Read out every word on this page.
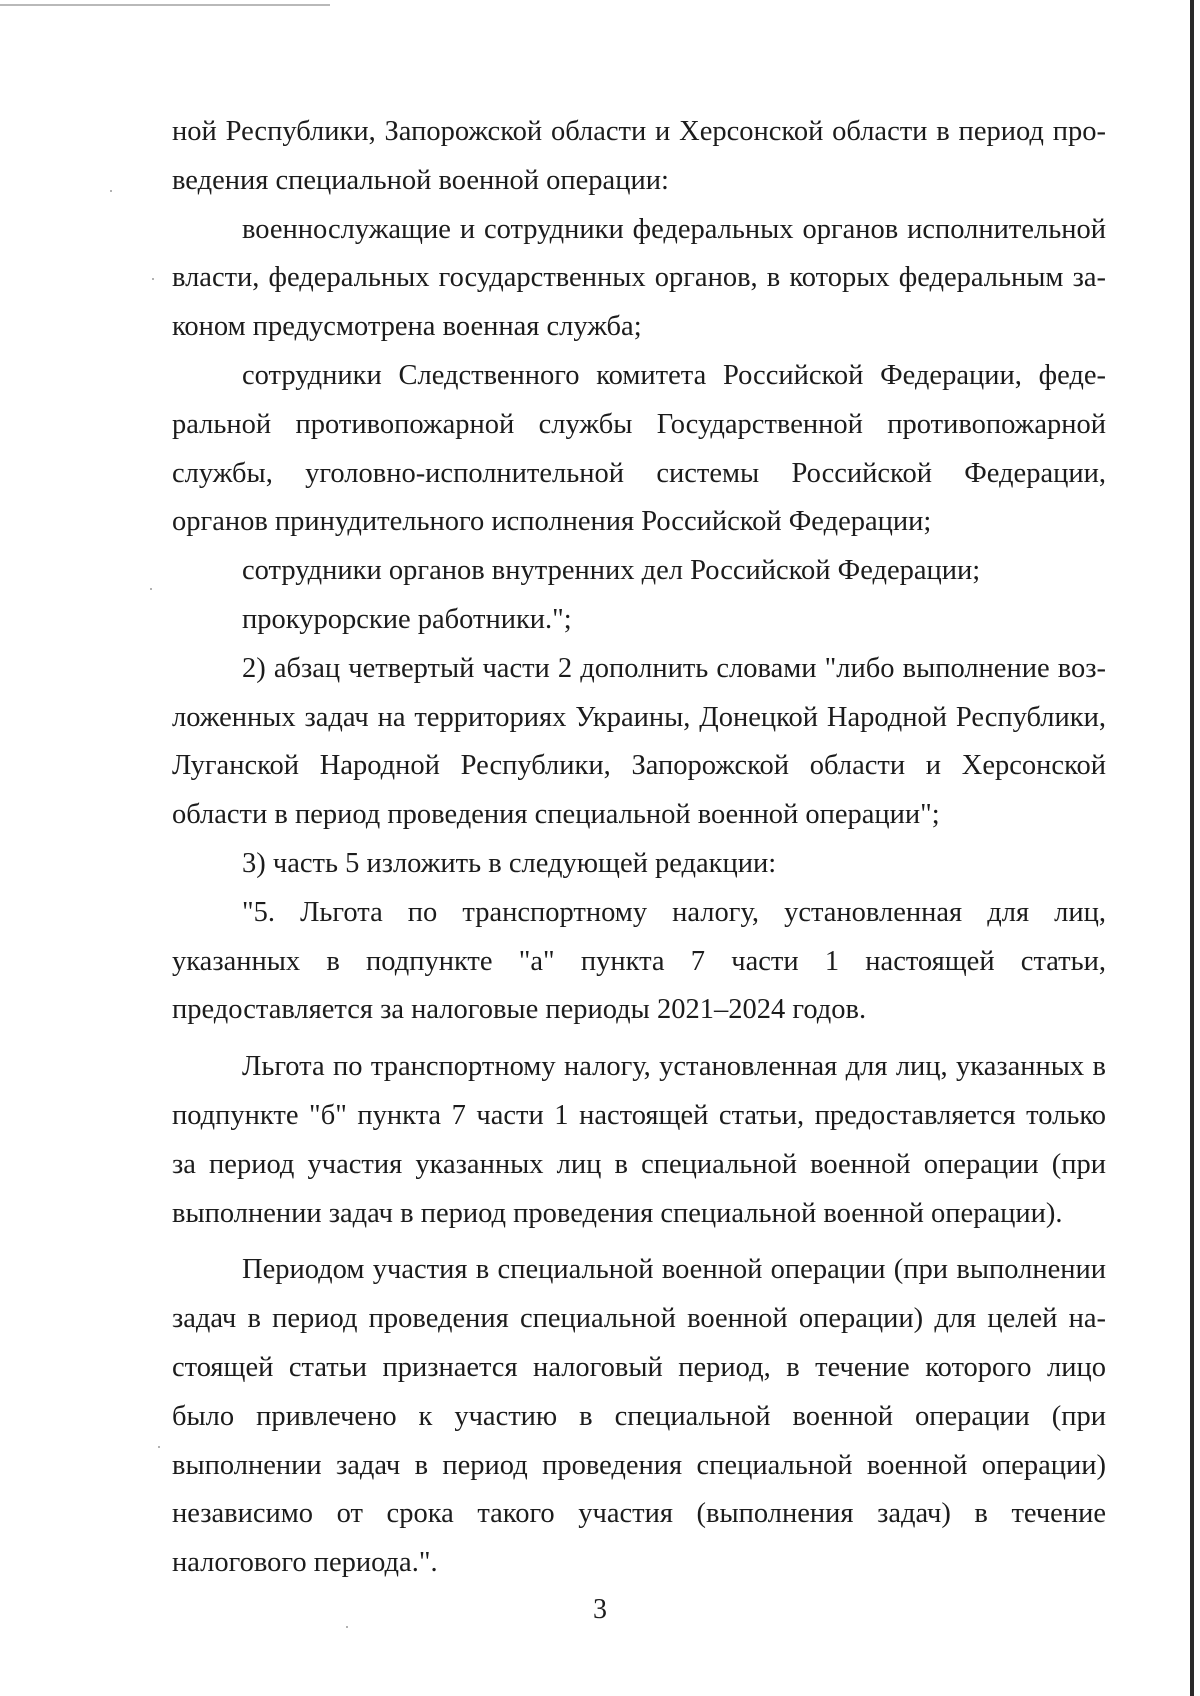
ной Республики, Запорожской области и Херсонской области в период проведения специальной военной операции:

военнослужащие и сотрудники федеральных органов исполнительной власти, федеральных государственных органов, в которых федеральным законом предусмотрена военная служба;

сотрудники Следственного комитета Российской Федерации, федеральной противопожарной службы Государственной противопожарной службы, уголовно-исполнительной системы Российской Федерации, органов принудительного исполнения Российской Федерации;

сотрудники органов внутренних дел Российской Федерации;

прокурорские работники.";

2) абзац четвертый части 2 дополнить словами "либо выполнение возложенных задач на территориях Украины, Донецкой Народной Республики, Луганской Народной Республики, Запорожской области и Херсонской области в период проведения специальной военной операции";

3) часть 5 изложить в следующей редакции:

"5. Льгота по транспортному налогу, установленная для лиц, указанных в подпункте "а" пункта 7 части 1 настоящей статьи, предоставляется за налоговые периоды 2021–2024 годов.

Льгота по транспортному налогу, установленная для лиц, указанных в подпункте "б" пункта 7 части 1 настоящей статьи, предоставляется только за период участия указанных лиц в специальной военной операции (при выполнении задач в период проведения специальной военной операции).

Периодом участия в специальной военной операции (при выполнении задач в период проведения специальной военной операции) для целей настоящей статьи признается налоговый период, в течение которого лицо было привлечено к участию в специальной военной операции (при выполнении задач в период проведения специальной военной операции) независимо от срока такого участия (выполнения задач) в течение налогового периода.".

3
